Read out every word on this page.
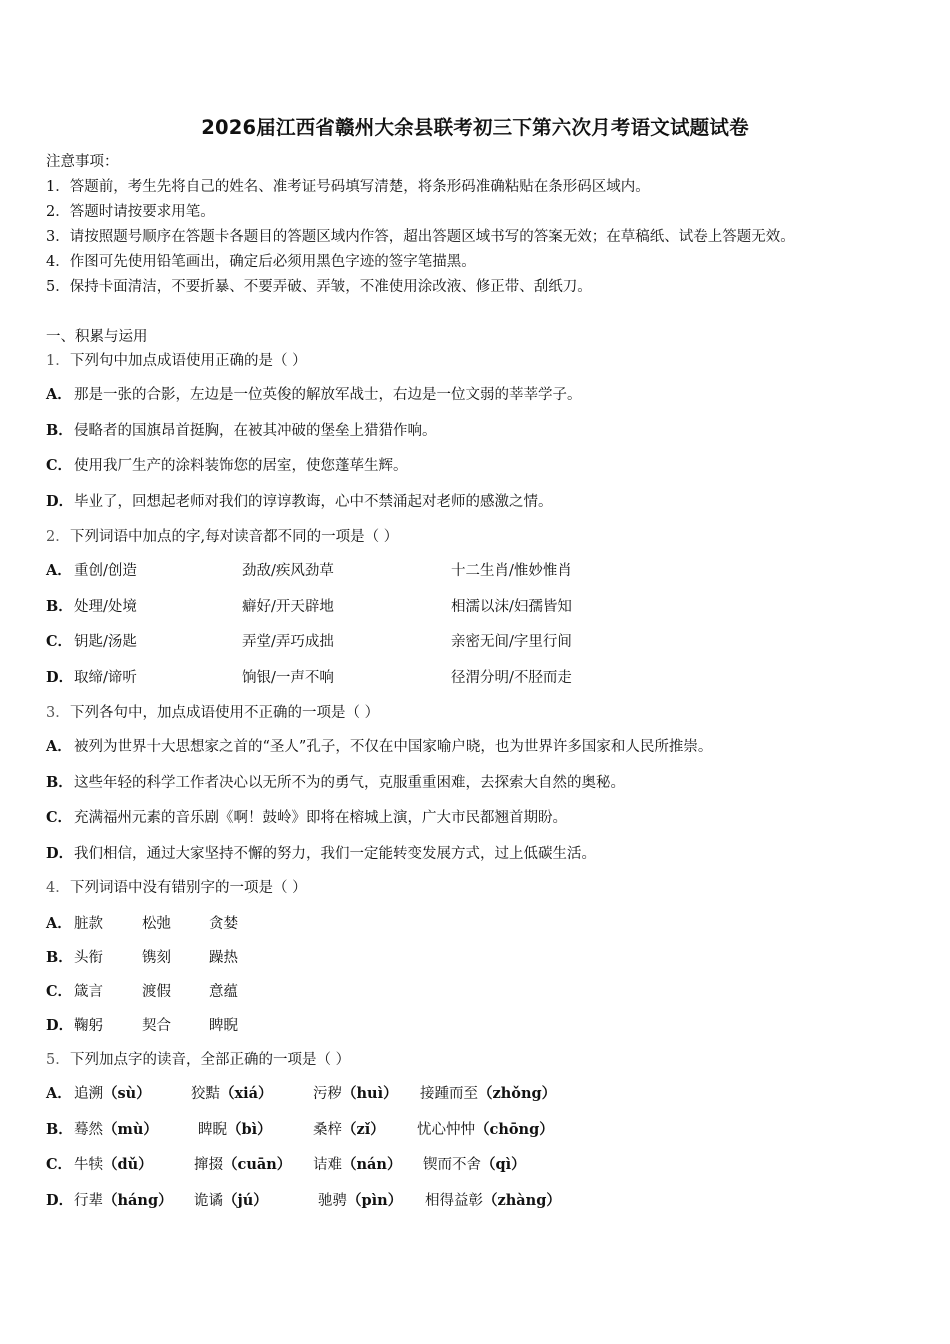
2026届江西省赣州大余县联考初三下第六次月考语文试题试卷
注意事项：
1．答题前，考生先将自己的姓名、准考证号码填写清楚，将条形码准确粘贴在条形码区域内。
2．答题时请按要求用笔。
3．请按照题号顺序在答题卡各题目的答题区域内作答，超出答题区域书写的答案无效；在草稿纸、试卷上答题无效。
4．作图可先使用铅笔画出，确定后必须用黑色字迹的签字笔描黑。
5．保持卡面清洁，不要折暴、不要弄破、弄皱，不准使用涂改液、修正带、刮纸刀。
一、积累与运用
1．下列句中加点成语使用正确的是（ ）
A． 那是一张的合影，左边是一位英俊的解放军战士，右边是一位文弱的莘莘学子。
B．侵略者的国旗昂首挺胸，在被其冲破的堡垒上猎猎作响。
C． 使用我厂生产的涂料装饰您的居室，使您蓬荜生辉。
D．毕业了，回想起老师对我们的谆谆教诲，心中不禁涌起对老师的感激之情。
2．下列词语中加点的字,每对读音都不同的一项是（ ）
A． 重创/创造	劲敌/疾风劲草	十二生肖/惟妙惟肖
B．处理/处境	癖好/开天辟地	相濡以沫/妇孺皆知
C． 钥匙/汤匙	弄堂/弄巧成拙	亲密无间/字里行间
D．取缔/谛听	饷银/一声不响	径渭分明/不胫而走
3．下列各句中，加点成语使用不正确的一项是（ ）
A． 被列为世界十大思想家之首的“圣人”孔子，不仅在中国家喻户晓，也为世界许多国家和人民所推崇。
B．这些年轻的科学工作者决心以无所不为的勇气，克服重重困难，去探索大自然的奥秘。
C． 充满福州元素的音乐剧《啊！鼓岭》即将在榕城上演，广大市民都翘首期盼。
D．我们相信，通过大家坚持不懈的努力，我们一定能转变发展方式，过上低碳生活。
4．下列词语中没有错别字的一项是（ ）
A． 脏款	松弛	贪婪
B．头衔	镌刻	躁热
C． 箴言	渡假	意蕴
D．鞠躬	契合	睥睨
5．下列加点字的读音，全部正确的一项是（ ）
A． 追溯（sù）	狡黠（xiá）	污秽（huì） 接踵而至（zhǒng）
B．蓦然（mù）	睥睨（bì）	桑梓（zǐ） 忧心忡忡（chōng）
C． 牛犊（dǔ）	撺掇（cuān） 诘难（nán） 锲而不舍（qì）
D．行辈（háng） 诡谲（jú）	驰骋（pìn） 相得益彰（zhàng）
